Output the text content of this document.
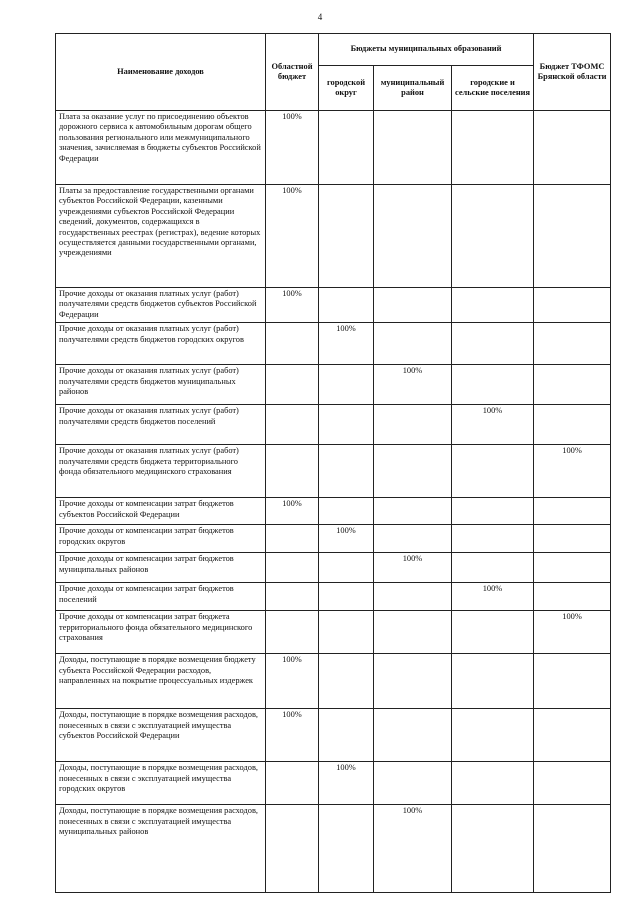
4
Наименование доходов	Областной бюджет	Бюджеты муниципальных образований			Бюджет ТФОМС Брянской области
		городской округ	муниципальный район	городские и сельские поселения	
Плата за оказание услуг по присоединению объектов дорожного сервиса к автомобильным дорогам общего пользования регионального или межмуниципального значения, зачисляемая в бюджеты субъектов Российской Федерации	100%				
Платы за предоставление государственными органами субъектов Российской Федерации, казенными учреждениями субъектов Российской Федерации сведений, документов, содержащихся в государственных реестрах (регистрах), ведение которых осуществляется данными государственными органами, учреждениями	100%				
Прочие доходы от оказания платных услуг (работ) получателями средств бюджетов субъектов Российской Федерации	100%				
Прочие доходы от оказания платных услуг (работ) получателями средств бюджетов городских округов		100%			
Прочие доходы от оказания платных услуг (работ) получателями средств бюджетов муниципальных районов			100%		
Прочие доходы от оказания платных услуг (работ) получателями средств бюджетов поселений				100%	
Прочие доходы от оказания платных услуг (работ) получателями средств бюджета территориального фонда обязательного медицинского страхования					100%
Прочие доходы от компенсации затрат бюджетов субъектов Российской Федерации	100%				
Прочие доходы от компенсации затрат бюджетов городских округов		100%			
Прочие доходы от компенсации затрат бюджетов муниципальных районов			100%		
Прочие доходы от компенсации затрат бюджетов поселений				100%	
Прочие доходы от компенсации затрат бюджета территориального фонда обязательного медицинского страхования					100%
Доходы, поступающие в порядке возмещения бюджету субъекта Российской Федерации расходов, направленных на покрытие процессуальных издержек	100%				
Доходы, поступающие в порядке возмещения расходов, понесенных в связи с эксплуатацией имущества субъектов Российской Федерации	100%				
Доходы, поступающие в порядке возмещения расходов, понесенных в связи с эксплуатацией имущества городских округов		100%			
Доходы, поступающие в порядке возмещения расходов, понесенных в связи с эксплуатацией имущества муниципальных районов			100%		
